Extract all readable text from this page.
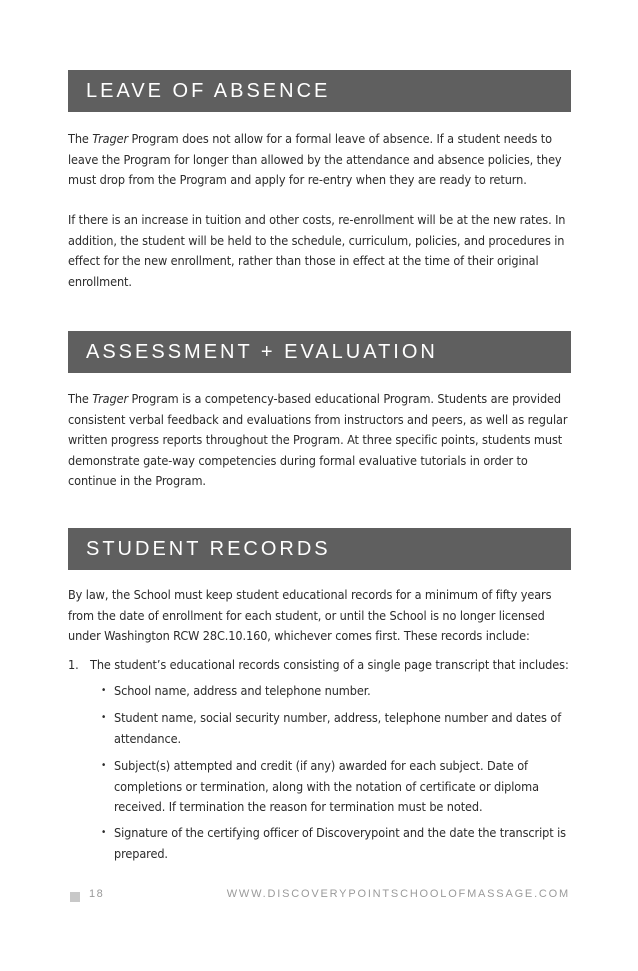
LEAVE OF ABSENCE

The Trager Program does not allow for a formal leave of absence. If a student needs to leave the Program for longer than allowed by the attendance and absence policies, they must drop from the Program and apply for re-entry when they are ready to return.

If there is an increase in tuition and other costs, re-enrollment will be at the new rates. In addition, the student will be held to the schedule, curriculum, policies, and procedures in effect for the new enrollment, rather than those in effect at the time of their original enrollment.

ASSESSMENT + EVALUATION

The Trager Program is a competency-based educational Program. Students are provided consistent verbal feedback and evaluations from instructors and peers, as well as regular written progress reports throughout the Program. At three specific points, students must demonstrate gate-way competencies during formal evaluative tutorials in order to continue in the Program.

STUDENT RECORDS

By law, the School must keep student educational records for a minimum of fifty years from the date of enrollment for each student, or until the School is no longer licensed under Washington RCW 28C.10.160, whichever comes first. These records include:

1. The student’s educational records consisting of a single page transcript that includes:

• School name, address and telephone number.

• Student name, social security number, address, telephone number and dates of attendance.

• Subject(s) attempted and credit (if any) awarded for each subject. Date of completions or termination, along with the notation of certificate or diploma received. If termination the reason for termination must be noted.

• Signature of the certifying officer of Discoverypoint and the date the transcript is prepared.

18	WWW.DISCOVERYPOINTSCHOOLOFMASSAGE.COM
